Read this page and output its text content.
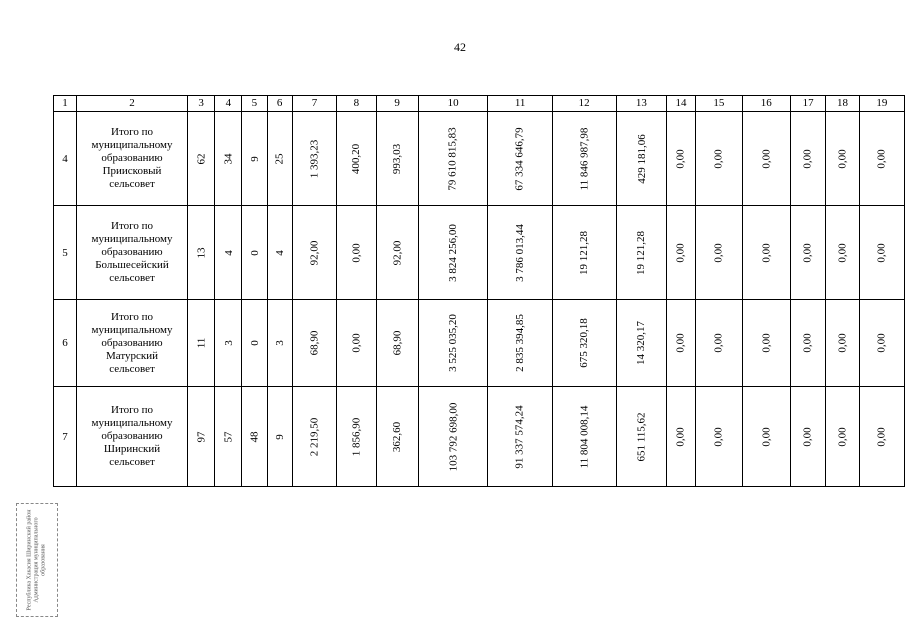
42
1	2	3	4	5	6	7	8	9	10	11	12	13	14	15	16	17	18	19
4	Итого по
муниципальному
образованию
Приисковый
сельсовет	62	34	9	25	1 393,23	400,20	993,03	79 610 815,83	67 334 646,79	11 846 987,98	429 181,06	0,00	0,00	0,00	0,00	0,00	0,00
5	Итого по
муниципальному
образованию
Большесейский
сельсовет	13	4	0	4	92,00	0,00	92,00	3 824 256,00	3 786 013,44	19 121,28	19 121,28	0,00	0,00	0,00	0,00	0,00	0,00
6	Итого по
муниципальному
образованию
Матурский
сельсовет	11	3	0	3	68,90	0,00	68,90	3 525 035,20	2 835 394,85	675 320,18	14 320,17	0,00	0,00	0,00	0,00	0,00	0,00
7	Итого по
муниципальному
образованию
Ширинский
сельсовет	97	57	48	9	2 219,50	1 856,90	362,60	103 792 698,00	91 337 574,24	11 804 008,14	651 115,62	0,00	0,00	0,00	0,00	0,00	0,00
Республика Хакасия Ширинский район Администрация муниципального образования
